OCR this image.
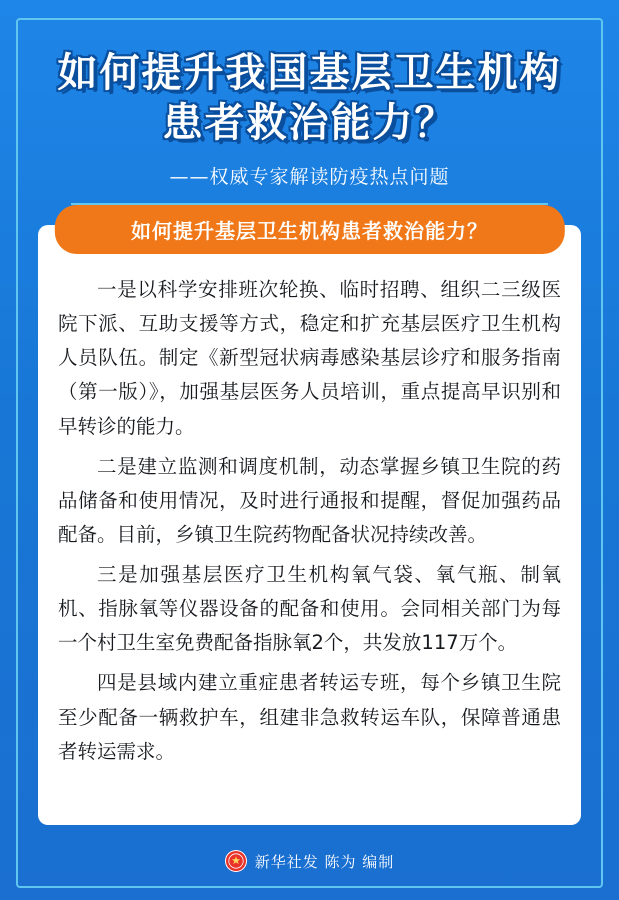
如何提升我国基层卫生机构
患者救治能力？
——权威专家解读防疫热点问题
如何提升基层卫生机构患者救治能力？

一是以科学安排班次轮换、临时招聘、组织二三级医院下派、互助支援等方式，稳定和扩充基层医疗卫生机构人员队伍。制定《新型冠状病毒感染基层诊疗和服务指南（第一版）》，加强基层医务人员培训，重点提高早识别和早转诊的能力。

二是建立监测和调度机制，动态掌握乡镇卫生院的药品储备和使用情况，及时进行通报和提醒，督促加强药品配备。目前，乡镇卫生院药物配备状况持续改善。

三是加强基层医疗卫生机构氧气袋、氧气瓶、制氧机、指脉氧等仪器设备的配备和使用。会同相关部门为每一个村卫生室免费配备指脉氧2个，共发放117万个。

四是县域内建立重症患者转运专班，每个乡镇卫生院至少配备一辆救护车，组建非急救转运车队，保障普通患者转运需求。

新华社发 陈为 编制
